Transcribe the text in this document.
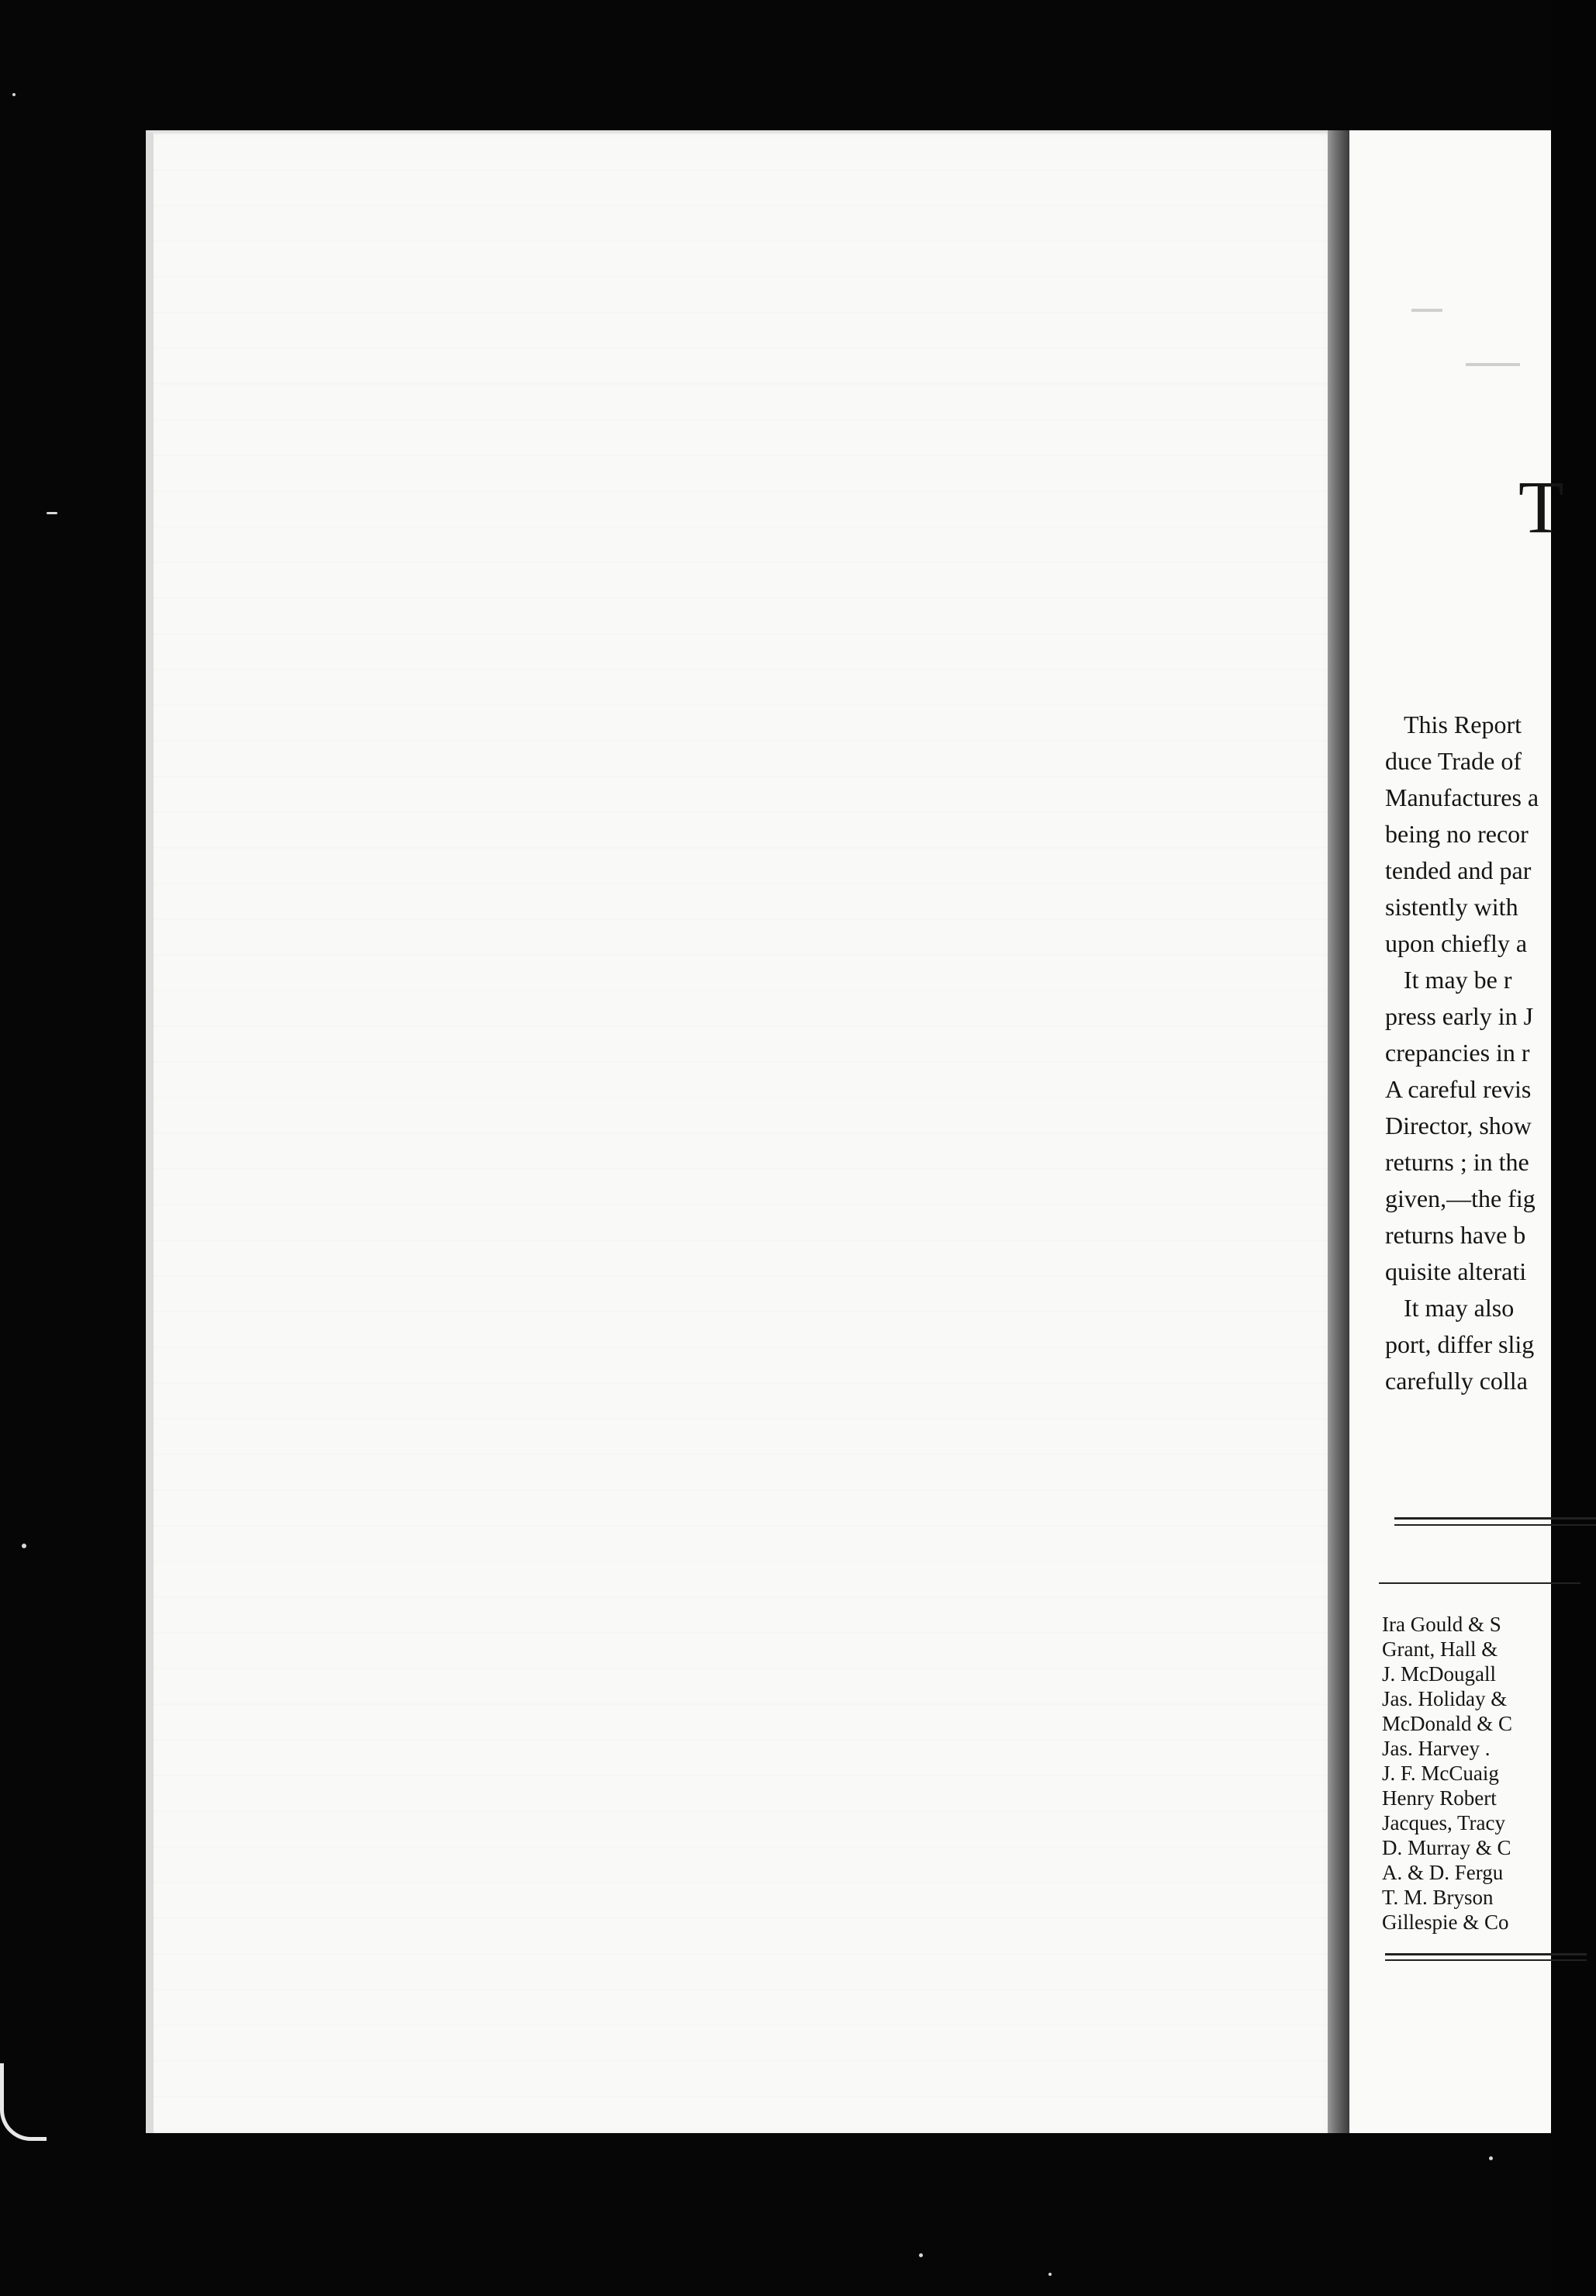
T
This Report
duce Trade of
Manufactures a
being no recor
tended and par
sistently with
upon chiefly a
It may be r
press early in J
crepancies in r
A careful revis
Director, show
returns ; in the
given,—the fig
returns have b
quisite alterati
It may also
port, differ slig
carefully colla
Ira Gould & S
Grant, Hall &
J. McDougall
Jas. Holiday &
McDonald & C
Jas. Harvey .
J. F. McCuaig
Henry Robert
Jacques, Tracy
D. Murray & C
A. & D. Fergu
T. M. Bryson
Gillespie & Co
